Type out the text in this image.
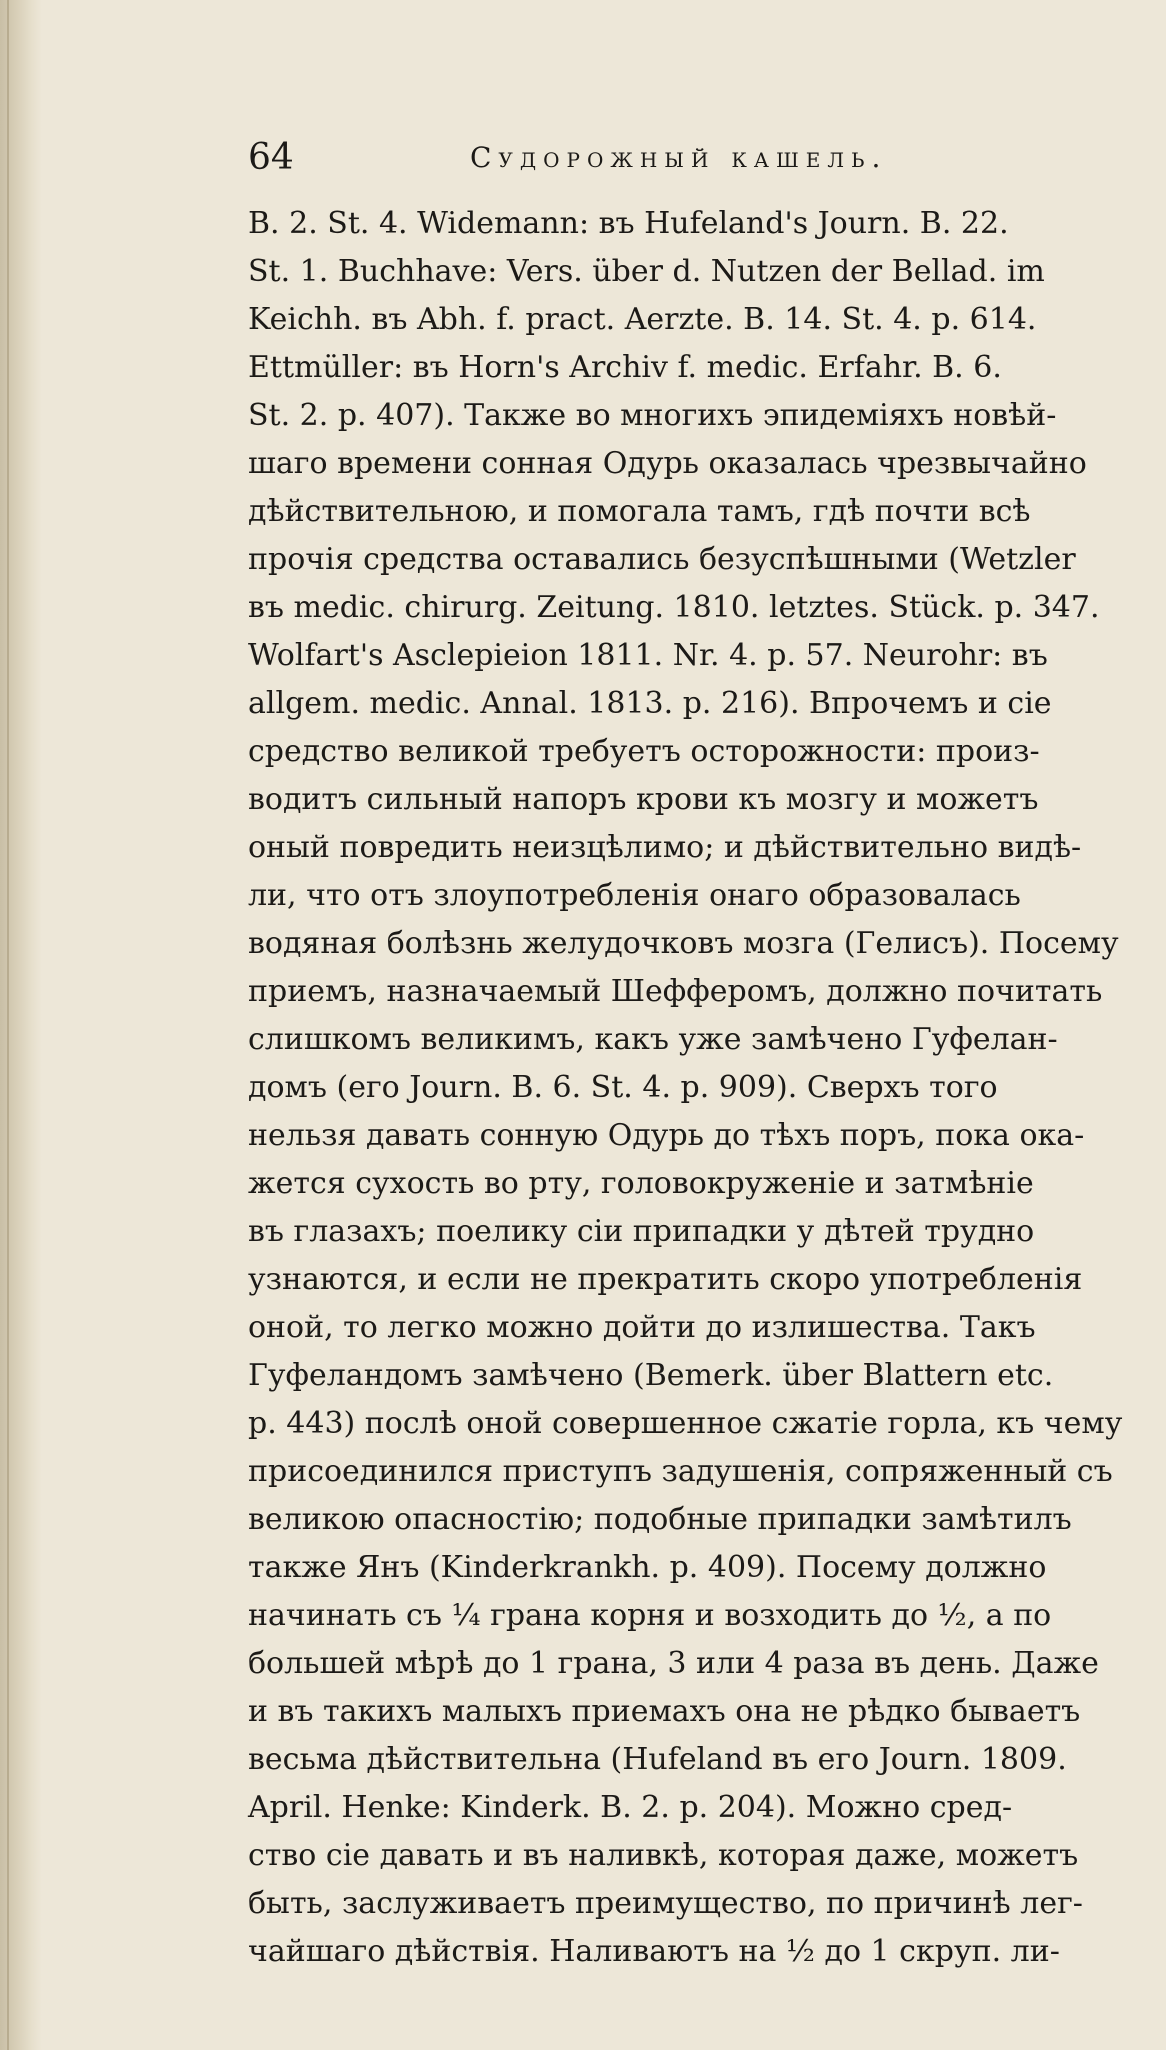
64	Судорожный кашель.
B. 2. St. 4. Widemann: въ Hufeland's Journ. B. 22.
St. 1. Buchhave: Vers. über d. Nutzen der Bellad. im
Keichh. въ Abh. f. pract. Aerzte. B. 14. St. 4. p. 614.
Ettmüller: въ Horn's Archiv f. medic. Erfahr. B. 6.
St. 2. p. 407). Также во многихъ эпидеміяхъ новѣй-
шаго времени сонная Одурь оказалась чрезвычайно
дѣйствительною, и помогала тамъ, гдѣ почти всѣ
прочія средства оставались безуспѣшными (Wetzler
въ medic. chirurg. Zeitung. 1810. letztes. Stück. p. 347.
Wolfart's Asclepieion 1811. Nr. 4. p. 57. Neurohr: въ
allgem. medic. Annal. 1813. p. 216). Впрочемъ и сіе
средство великой требуетъ осторожности: произ-
водитъ сильный напоръ крови къ мозгу и можетъ
оный повредить неизцѣлимо; и дѣйствительно видѣ-
ли, что отъ злоупотребленія онаго образовалась
водяная болѣзнь желудочковъ мозга (Гелисъ). Посему
приемъ, назначаемый Шефферомъ, должно почитать
слишкомъ великимъ, какъ уже замѣчено Гуфелан-
домъ (его Journ. B. 6. St. 4. p. 909). Сверхъ того
нельзя давать сонную Одурь до тѣхъ поръ, пока ока-
жется сухость во рту, головокруженіе и затмѣніе
въ глазахъ; поелику сіи припадки у дѣтей трудно
узнаются, и если не прекратить скоро употребленія
оной, то легко можно дойти до излишества. Такъ
Гуфеландомъ замѣчено (Bemerk. über Blattern etc.
p. 443) послѣ оной совершенное сжатіе горла, къ чему
присоединился приступъ задушенія, сопряженный съ
великою опасностію; подобные припадки замѣтилъ
также Янъ (Kinderkrankh. p. 409). Посему должно
начинать съ ¼ грана корня и возходить до ½, а по
большей мѣрѣ до 1 грана, 3 или 4 раза въ день. Даже
и въ такихъ малыхъ приемахъ она не рѣдко бываетъ
весьма дѣйствительна (Hufeland въ его Journ. 1809.
April. Henke: Kinderk. B. 2. p. 204). Можно сред-
ство сіе давать и въ наливкѣ, которая даже, можетъ
быть, заслуживаетъ преимущество, по причинѣ лег-
чайшаго дѣйствія. Наливаютъ на ½ до 1 скруп. ли-
